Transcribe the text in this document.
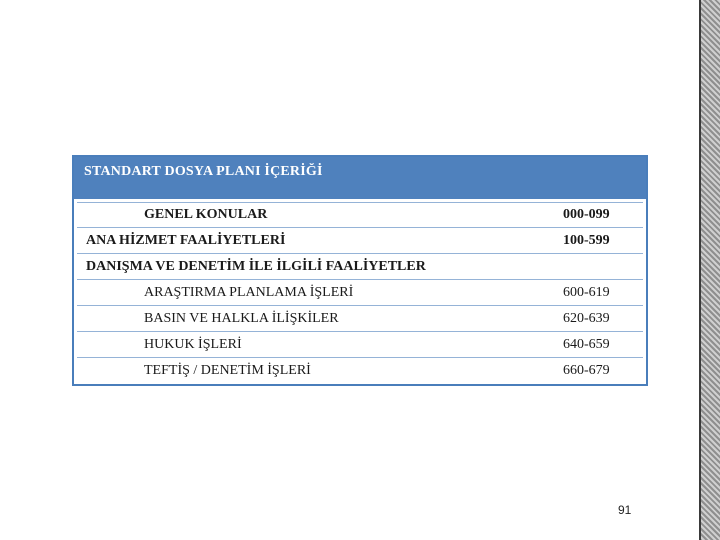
STANDART DOSYA PLANI İÇERİĞİ
GENEL KONULAR	000-099
ANA HİZMET FAALİYETLERİ	100-599
DANIŞMA VE DENETİM İLE İLGİLİ FAALİYETLER
ARAŞTIRMA PLANLAMA İŞLERİ	600-619
BASIN VE HALKLA İLİŞKİLER	620-639
HUKUK İŞLERİ	640-659
TEFTİŞ / DENETİM İŞLERİ	660-679
91
